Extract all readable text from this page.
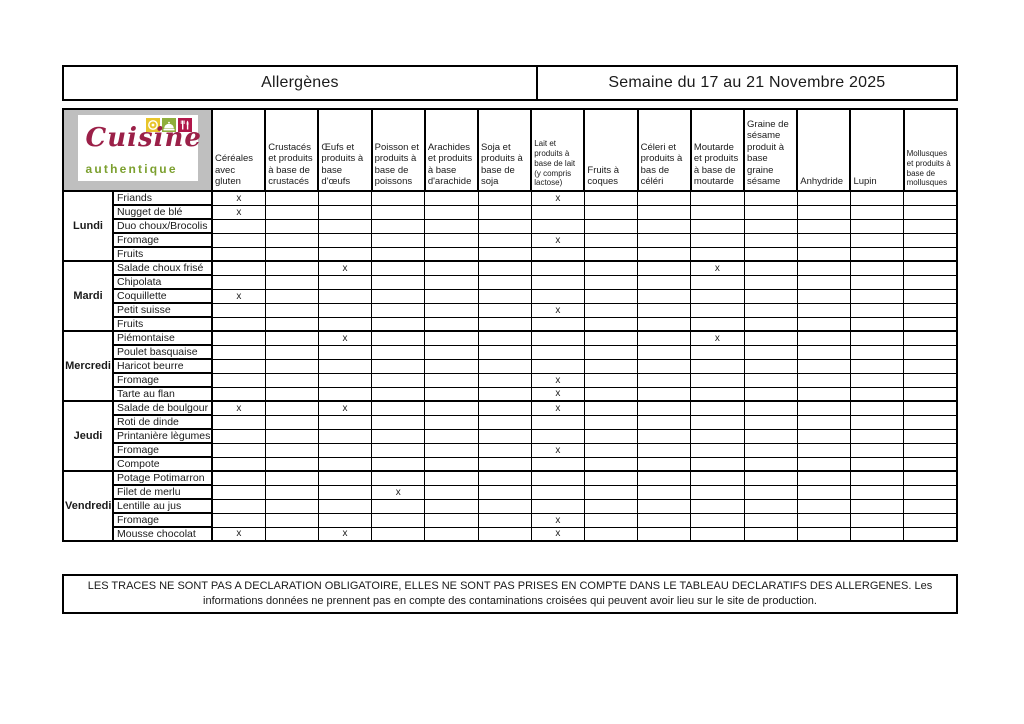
Allergènes	Semaine du 17 au 21 Novembre 2025
Cuisine
authentique		Céréales avec gluten	Crustacés et produits à base de crustacés	Œufs et produits à base d'œufs	Poisson et produits à base de poissons	Arachides et produits à base d'arachide	Soja et produits à base de soja	Lait et produits à base de lait (y compris lactose)	Fruits à coques	Céleri et produits à bas de céléri	Moutarde et produits à base de moutarde	Graine de sésame produit à base graine sésame	Anhydride	Lupin	Mollusques et produits à base de mollusques
Lundi	Friands	x						x							
	Nugget de blé	x													
	Duo choux/Brocolis														
	Fromage							x							
	Fruits														
Mardi	Salade choux frisé			x							x				
	Chipolata														
	Coquillette	x													
	Petit suisse							x							
	Fruits														
Mercredi	Piémontaise			x							x				
	Poulet basquaise														
	Haricot beurre														
	Fromage							x							
	Tarte au flan							x							
Jeudi	Salade de boulgour	x		x				x							
	Roti de dinde														
	Printanière lègumes														
	Fromage							x							
	Compote														
Vendredi	Potage Potimarron														
	Filet de merlu				x										
	Lentille au jus														
	Fromage							x							
	Mousse chocolat	x		x				x							
LES TRACES NE SONT PAS A DECLARATION OBLIGATOIRE, ELLES NE SONT PAS PRISES EN COMPTE DANS LE TABLEAU DECLARATIFS DES ALLERGENES. Les informations données ne prennent pas en compte des contaminations croisées qui peuvent avoir lieu sur le site de production.
